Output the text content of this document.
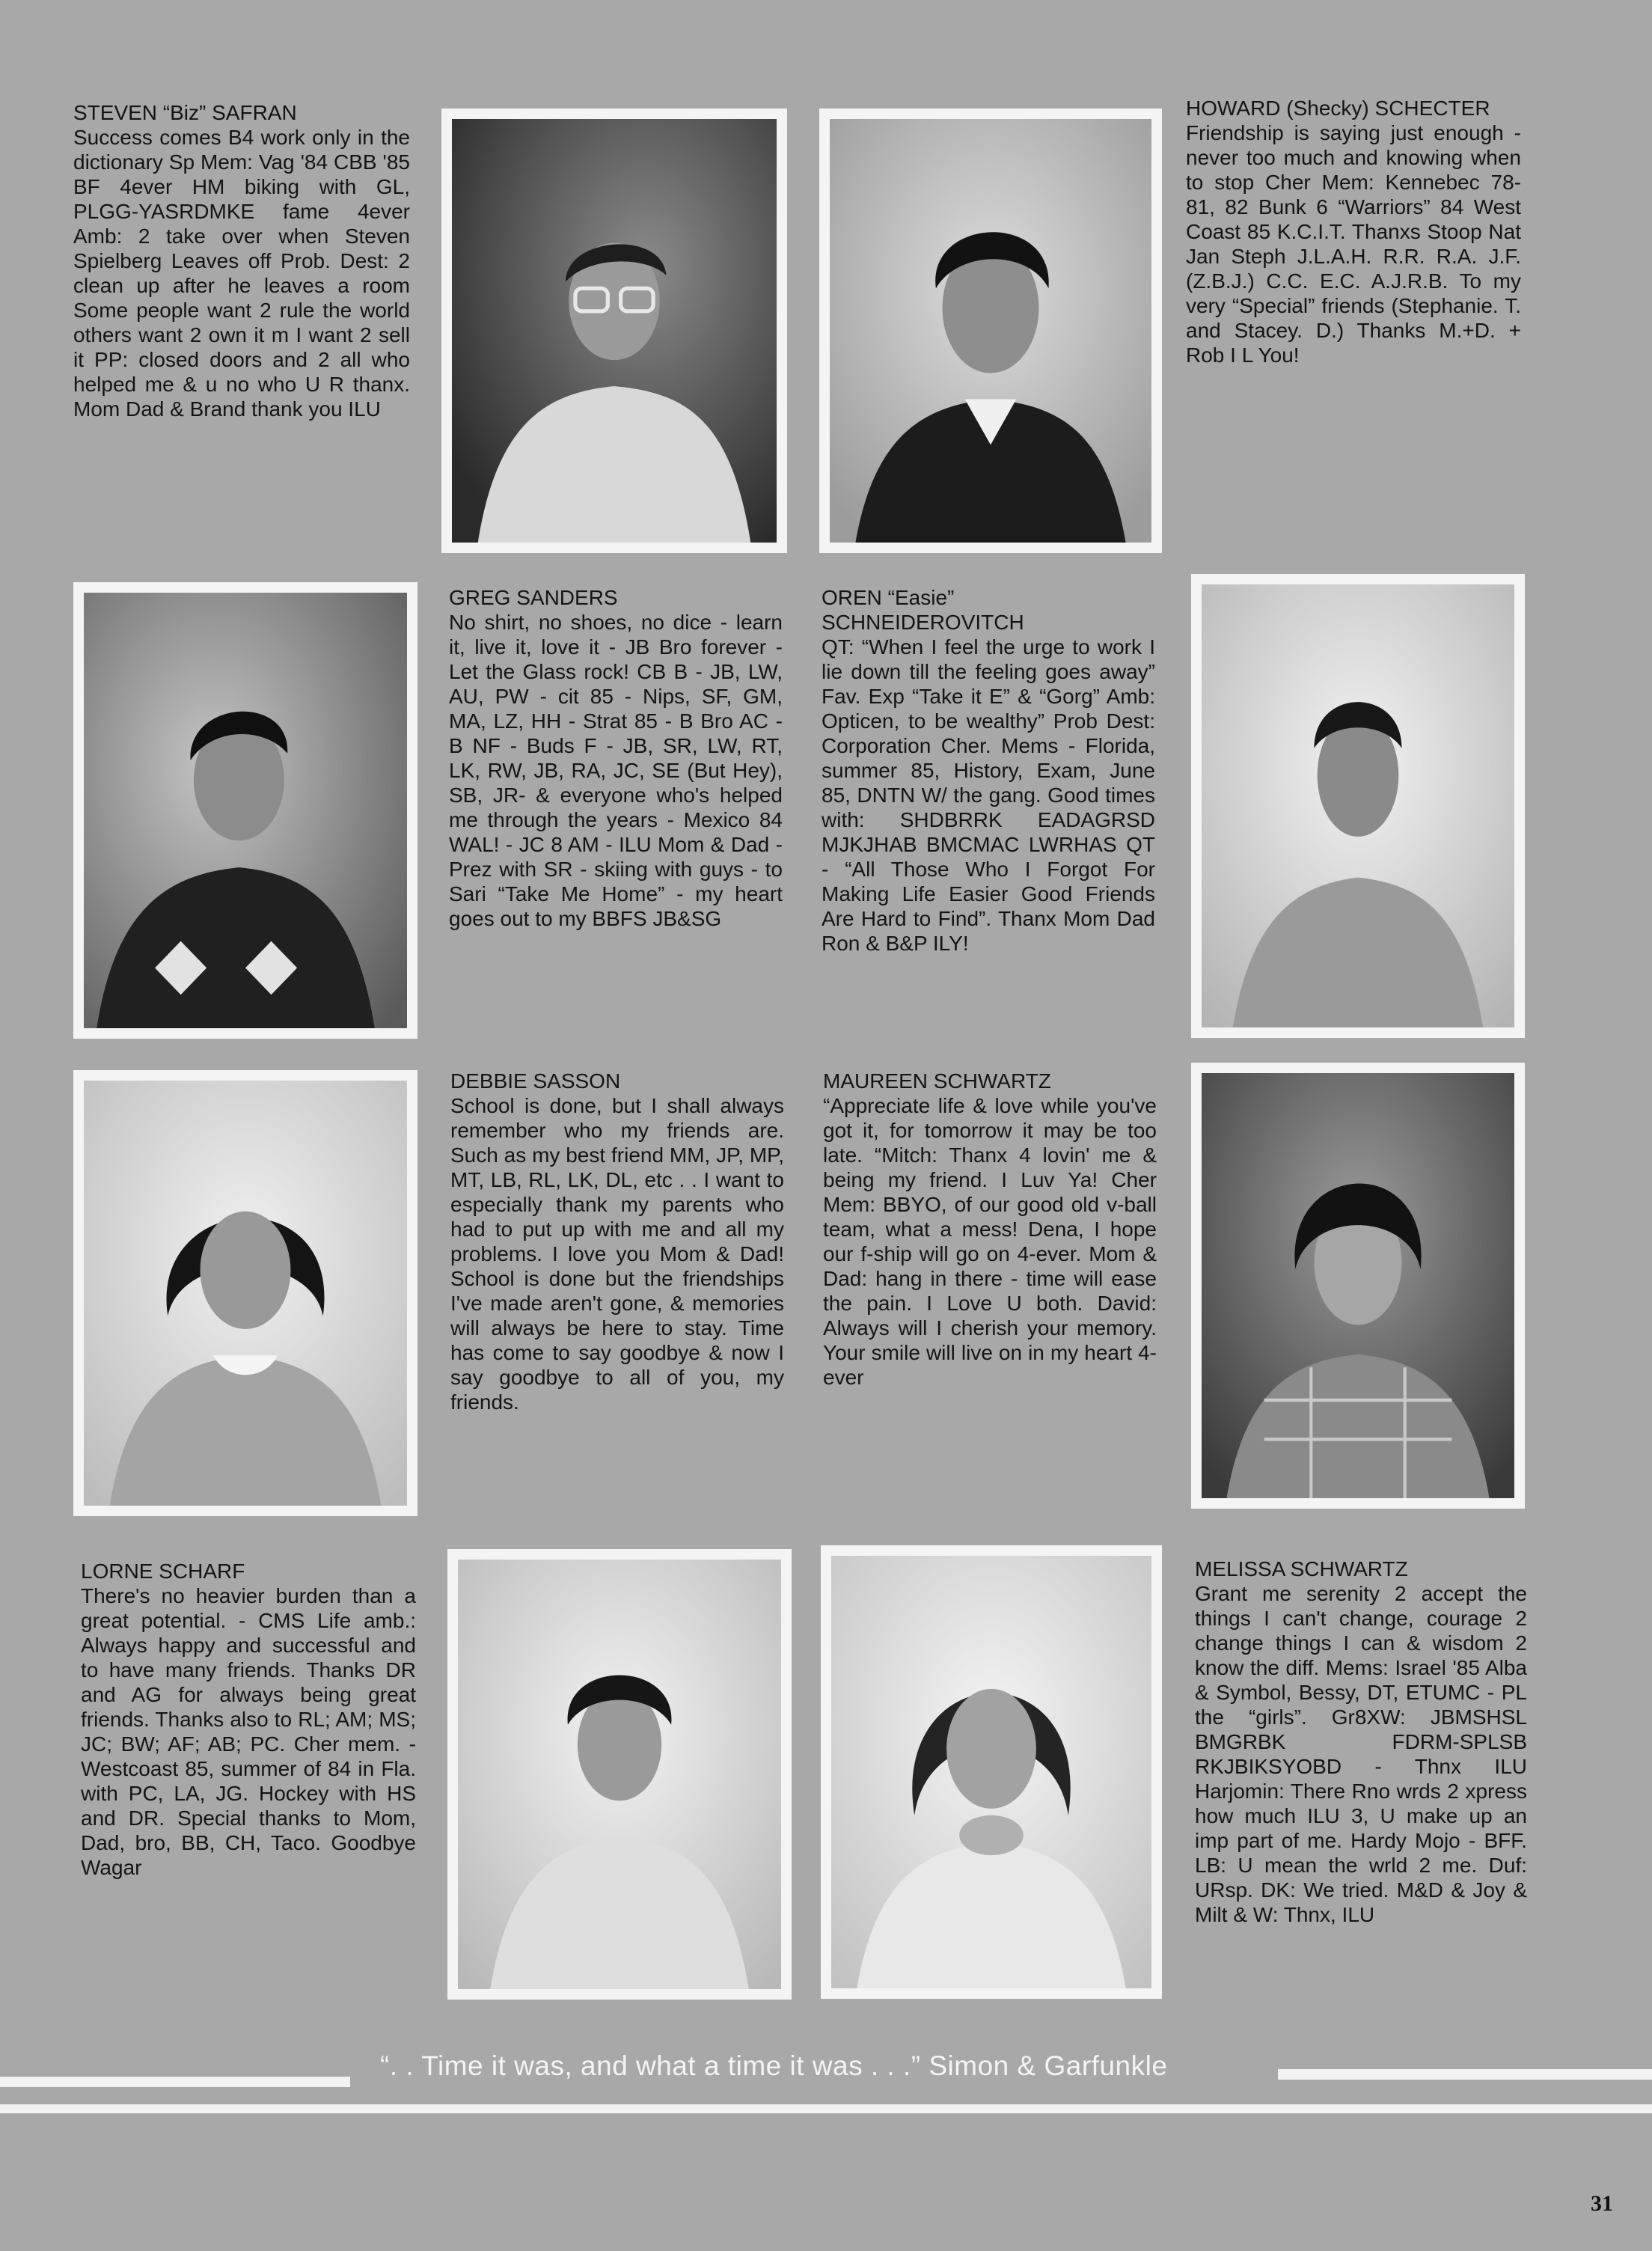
STEVEN “Biz” SAFRAN
Success comes B4 work only in the dictionary Sp Mem: Vag '84 CBB '85 BF 4ever HM biking with GL, PLGG-YASRDMKE fame 4ever Amb: 2 take over when Steven Spielberg Leaves off Prob. Dest: 2 clean up after he leaves a room Some people want 2 rule the world others want 2 own it m I want 2 sell it PP: closed doors and 2 all who helped me & u no who U R thanx. Mom Dad & Brand thank you ILU
HOWARD (Shecky) SCHECTER
Friendship is saying just enough - never too much and knowing when to stop Cher Mem: Kennebec 78-81, 82 Bunk 6 “Warriors” 84 West Coast 85 K.C.I.T. Thanxs Stoop Nat Jan Steph J.L.A.H. R.R. R.A. J.F. (Z.B.J.) C.C. E.C. A.J.R.B. To my very “Special” friends (Stephanie. T. and Stacey. D.) Thanks M.+D. + Rob I L You!
GREG SANDERS
No shirt, no shoes, no dice - learn it, live it, love it - JB Bro forever - Let the Glass rock! CB B - JB, LW, AU, PW - cit 85 - Nips, SF, GM, MA, LZ, HH - Strat 85 - B Bro AC - B NF - Buds F - JB, SR, LW, RT, LK, RW, JB, RA, JC, SE (But Hey), SB, JR- & everyone who's helped me through the years - Mexico 84 WAL! - JC 8 AM - ILU Mom & Dad - Prez with SR - skiing with guys - to Sari “Take Me Home” - my heart goes out to my BBFS JB&SG
OREN “Easie” SCHNEIDEROVITCH
QT: “When I feel the urge to work I lie down till the feeling goes away” Fav. Exp “Take it E” & “Gorg” Amb: Opticen, to be wealthy” Prob Dest: Corporation Cher. Mems - Florida, summer 85, History, Exam, June 85, DNTN W/ the gang. Good times with: SHDBRRK EADAGRSD MJKJHAB BMCMAC LWRHAS QT - “All Those Who I Forgot For Making Life Easier Good Friends Are Hard to Find”. Thanx Mom Dad Ron & B&P ILY!
DEBBIE SASSON
School is done, but I shall always remember who my friends are. Such as my best friend MM, JP, MP, MT, LB, RL, LK, DL, etc . . I want to especially thank my parents who had to put up with me and all my problems. I love you Mom & Dad! School is done but the friendships I've made aren't gone, & memories will always be here to stay. Time has come to say goodbye & now I say goodbye to all of you, my friends.
MAUREEN SCHWARTZ
“Appreciate life & love while you've got it, for tomorrow it may be too late. “Mitch: Thanx 4 lovin' me & being my friend. I Luv Ya! Cher Mem: BBYO, of our good old v-ball team, what a mess! Dena, I hope our f-ship will go on 4-ever. Mom & Dad: hang in there - time will ease the pain. I Love U both. David: Always will I cherish your memory. Your smile will live on in my heart 4-ever
LORNE SCHARF
There's no heavier burden than a great potential. - CMS Life amb.: Always happy and successful and to have many friends. Thanks DR and AG for always being great friends. Thanks also to RL; AM; MS; JC; BW; AF; AB; PC. Cher mem. - Westcoast 85, summer of 84 in Fla. with PC, LA, JG. Hockey with HS and DR. Special thanks to Mom, Dad, bro, BB, CH, Taco. Goodbye Wagar
MELISSA SCHWARTZ
Grant me serenity 2 accept the things I can't change, courage 2 change things I can & wisdom 2 know the diff. Mems: Israel '85 Alba & Symbol, Bessy, DT, ETUMC - PL the “girls”. Gr8XW: JBMSHSL BMGRBK FDRM-SPLSB RKJBIKSYOBD - Thnx ILU Harjomin: There Rno wrds 2 xpress how much ILU 3, U make up an imp part of me. Hardy Mojo - BFF. LB: U mean the wrld 2 me. Duf: URsp. DK: We tried. M&D & Joy & Milt & W: Thnx, ILU
“. . Time it was, and what a time it was . . .” Simon & Garfunkle
31
